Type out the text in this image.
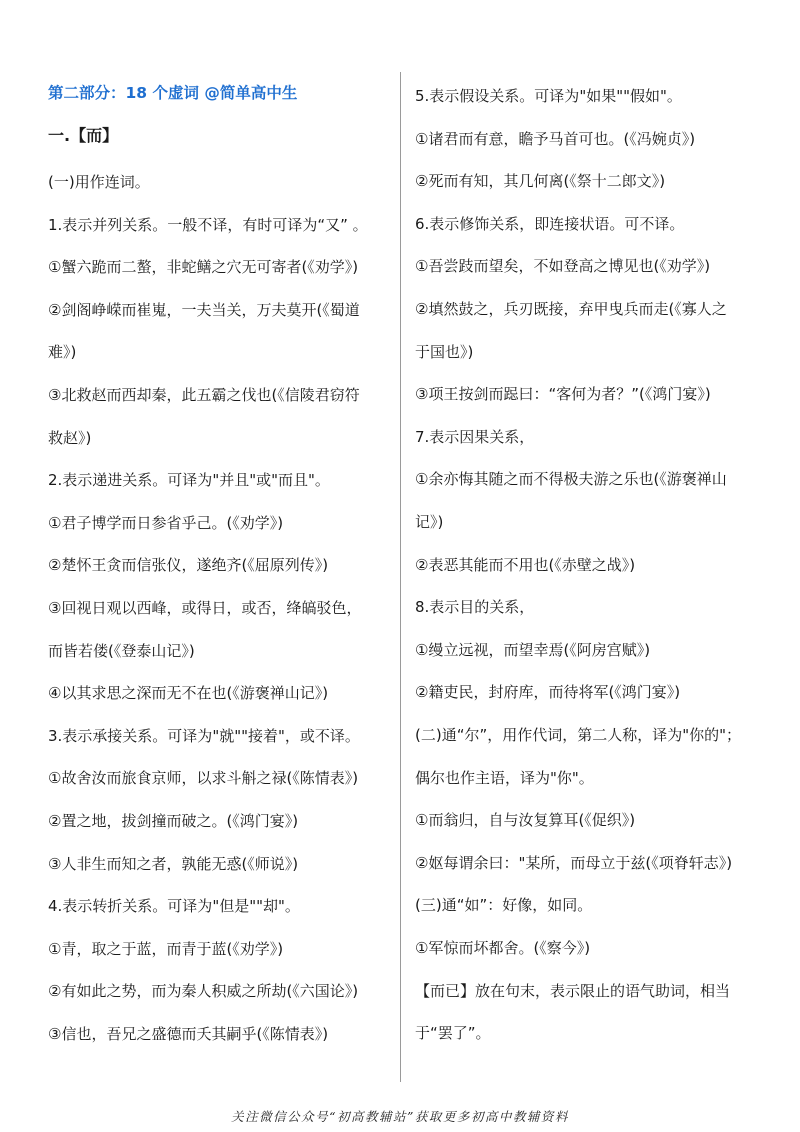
第二部分：18 个虚词 @简单高中生
一.【而】
(一)用作连词。
1.表示并列关系。一般不译，有时可译为“又” 。
①蟹六跪而二螯，非蛇鳝之穴无可寄者(《劝学》)
②剑阁峥嵘而崔嵬，一夫当关，万夫莫开(《蜀道
难》)
③北救赵而西却秦，此五霸之伐也(《信陵君窃符
救赵》)
2.表示递进关系。可译为"并且"或"而且"。
①君子博学而日参省乎己。(《劝学》)
②楚怀王贪而信张仪，遂绝齐(《屈原列传》)
③回视日观以西峰，或得日，或否，绛皜驳色，
而皆若偻(《登泰山记》)
④以其求思之深而无不在也(《游褒禅山记》)
3.表示承接关系。可译为"就""接着"，或不译。
①故舍汝而旅食京师，以求斗斛之禄(《陈情表》)
②置之地，拔剑撞而破之。(《鸿门宴》)
③人非生而知之者，孰能无惑(《师说》)
4.表示转折关系。可译为"但是""却"。
①青，取之于蓝，而青于蓝(《劝学》)
②有如此之势，而为秦人积威之所劫(《六国论》)
③信也，吾兄之盛德而夭其嗣乎(《陈情表》)
5.表示假设关系。可译为"如果""假如"。
①诸君而有意，瞻予马首可也。(《冯婉贞》)
②死而有知，其几何离(《祭十二郎文》)
6.表示修饰关系，即连接状语。可不译。
①吾尝跂而望矣，不如登高之博见也(《劝学》)
②填然鼓之，兵刃既接，弃甲曳兵而走(《寡人之
于国也》)
③项王按剑而跽曰：“客何为者？”(《鸿门宴》)
7.表示因果关系，
①余亦悔其随之而不得极夫游之乐也(《游褒禅山
记》)
②表恶其能而不用也(《赤壁之战》)
8.表示目的关系，
①缦立远视，而望幸焉(《阿房宫赋》)
②籍吏民，封府库，而待将军(《鸿门宴》)
(二)通“尔”，用作代词，第二人称，译为"你的"；
偶尔也作主语，译为"你"。
①而翁归，自与汝复算耳(《促织》)
②妪每谓余曰："某所，而母立于兹(《项脊轩志》)
(三)通“如”：好像，如同。
①军惊而坏都舍。(《察今》)
【而已】放在句末，表示限止的语气助词，相当
于“罢了”。
关注微信公众号“初高教辅站”获取更多初高中教辅资料
